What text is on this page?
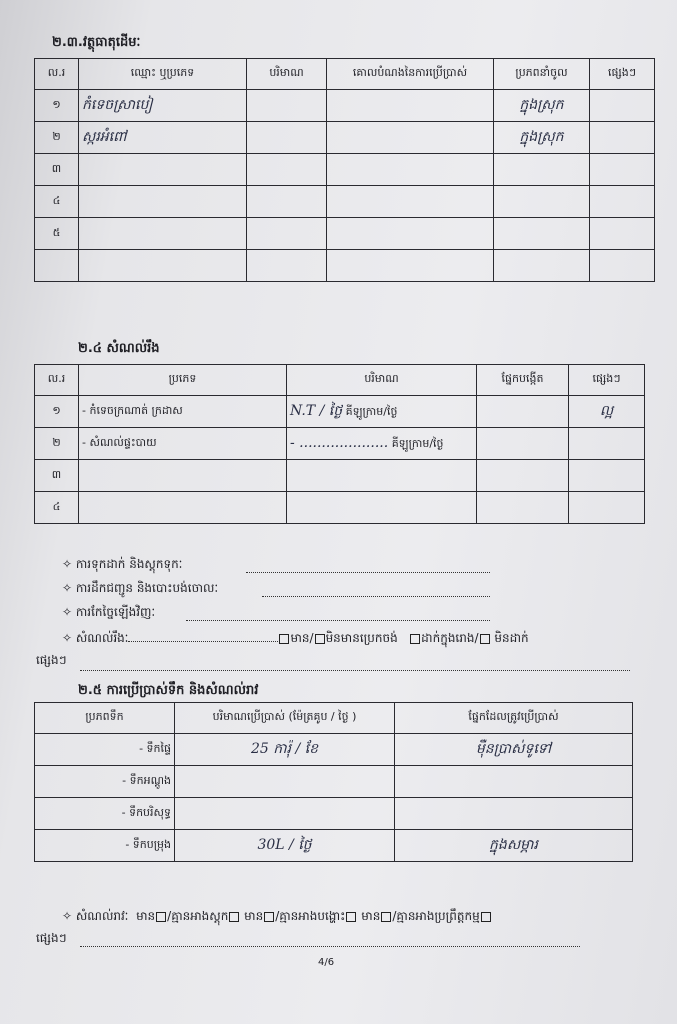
២.៣.វត្ថុធាតុដើមៈ
ល.រ	ឈ្មោះ ឬប្រភេទ	បរិមាណ	គោលបំណងនៃការប្រើប្រាស់	ប្រភពនាំចូល	ផ្សេងៗ
១	កំទេចស្រាបៀ			ក្នុងស្រុក	
២	ស្ករអំពៅ			ក្នុងស្រុក	
៣					
៤					
៥					

២.៤ សំណល់រឹង
ល.រ	ប្រភេទ	បរិមាណ	ផ្នែកបង្កើត	ផ្សេងៗ
១	- កំទេចក្រណាត់ ក្រដាស	N.T / ថ្ងៃ គីឡូក្រាម/ថ្ងៃ		ល្អ
២	- សំណល់ផ្ទះបាយ	- .................... គីឡូក្រាម/ថ្ងៃ		
៣				
៤				
✧ ការទុកដាក់ និងស្តុកទុកៈ
✧ ការដឹកជញ្ជូន និងបោះបង់ចោលៈ
✧ ការកែច្នៃឡើងវិញៈ
✧ សំណល់រឹងៈ	មាន/ មិនមានប្រេកចង់ ដាក់ក្នុងរោង/ មិនដាក់
ផ្សេងៗ
២.៥ ការប្រើប្រាស់ទឹក និងសំណល់រាវ
ប្រភពទឹក	បរិមាណប្រើប្រាស់ (ម៉ែត្រគូប / ថ្ងៃ )	ផ្នែកដែលត្រូវប្រើប្រាស់
- ទឹកផ្ទៃ	25 ការ៉ុ / ខែ	ម៉ឺនប្រាស់ទូទៅ
- ទឹកអណ្តូង		
- ទឹកបរិសុទ្ធ		
- ទឹកបម្រុង	30L / ថ្ងៃ	ក្នុងសម្ភារ
✧ សំណល់រាវៈ មាន /គ្មានអាងស្តុក មាន /គ្មានអាងបង្ហោះ មាន /គ្មានអាងប្រព្រឹត្តកម្ម
ផ្សេងៗ
4/6
